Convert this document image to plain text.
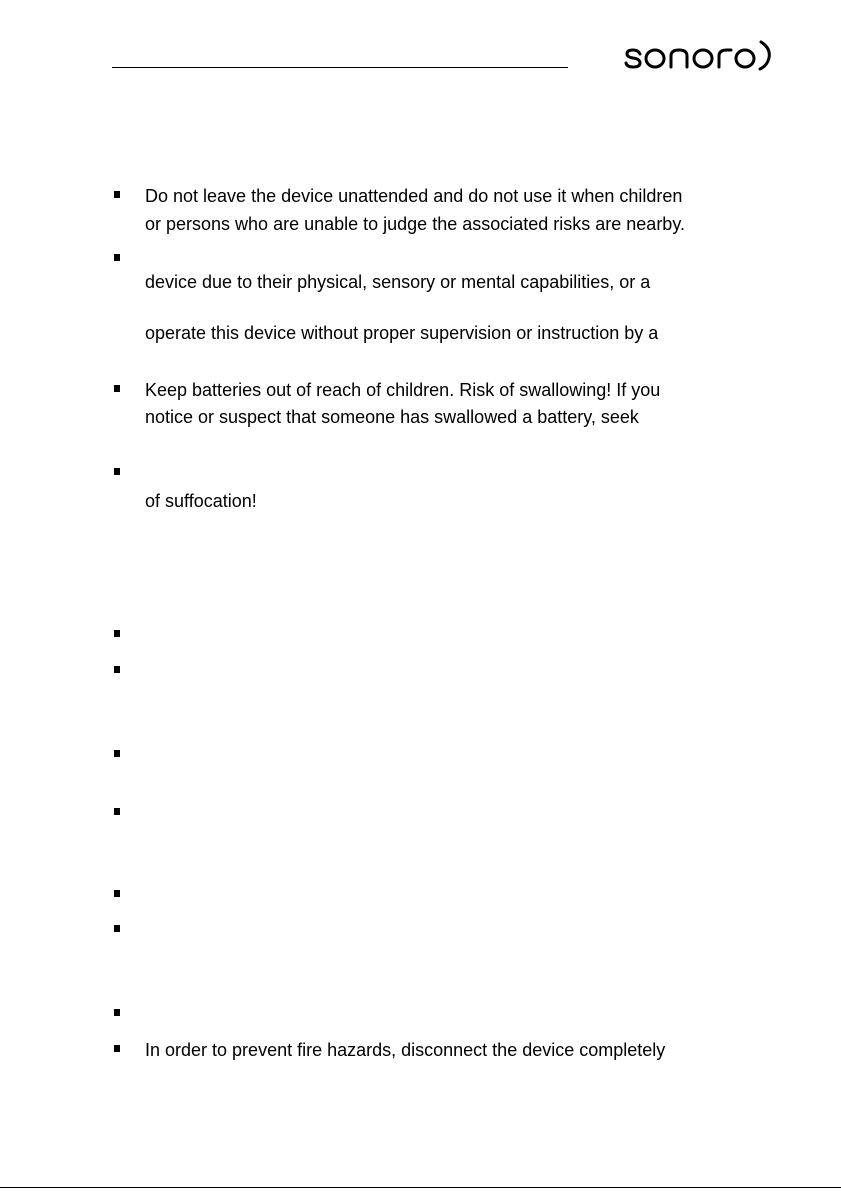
Do not leave the device unattended and do not use it when children
or persons who are unable to judge the associated risks are nearby.
device due to their physical, sensory or mental capabilities, or a
operate this device without proper supervision or instruction by a
Keep batteries out of reach of children. Risk of swallowing! If you
notice or suspect that someone has swallowed a battery, seek
of suffocation!
In order to prevent fire hazards, disconnect the device completely
